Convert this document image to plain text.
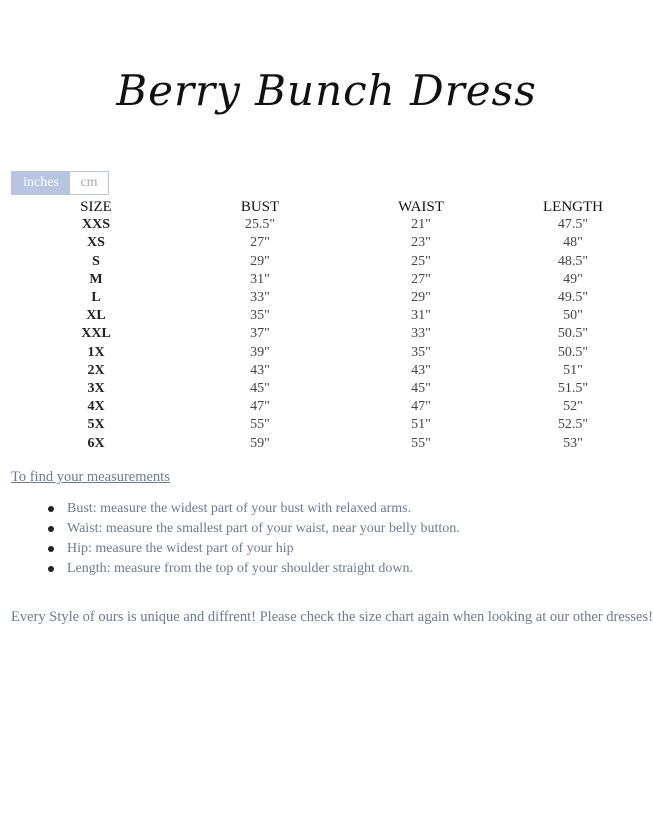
Berry Bunch Dress
inches	cm
SIZE	BUST	WAIST	LENGTH
XXS	25.5"	21"	47.5"
XS	27"	23"	48"
S	29"	25"	48.5"
M	31"	27"	49"
L	33"	29"	49.5"
XL	35"	31"	50"
XXL	37"	33"	50.5"
1X	39"	35"	50.5"
2X	43"	43"	51"
3X	45"	45"	51.5"
4X	47"	47"	52"
5X	55"	51"	52.5"
6X	59"	55"	53"
To find your measurements
Bust: measure the widest part of your bust with relaxed arms.
Waist: measure the smallest part of your waist, near your belly button.
Hip: measure the widest part of your hip
Length: measure from the top of your shoulder straight down.
Every Style of ours is unique and diffrent! Please check the size chart again when looking at our other dresses!
